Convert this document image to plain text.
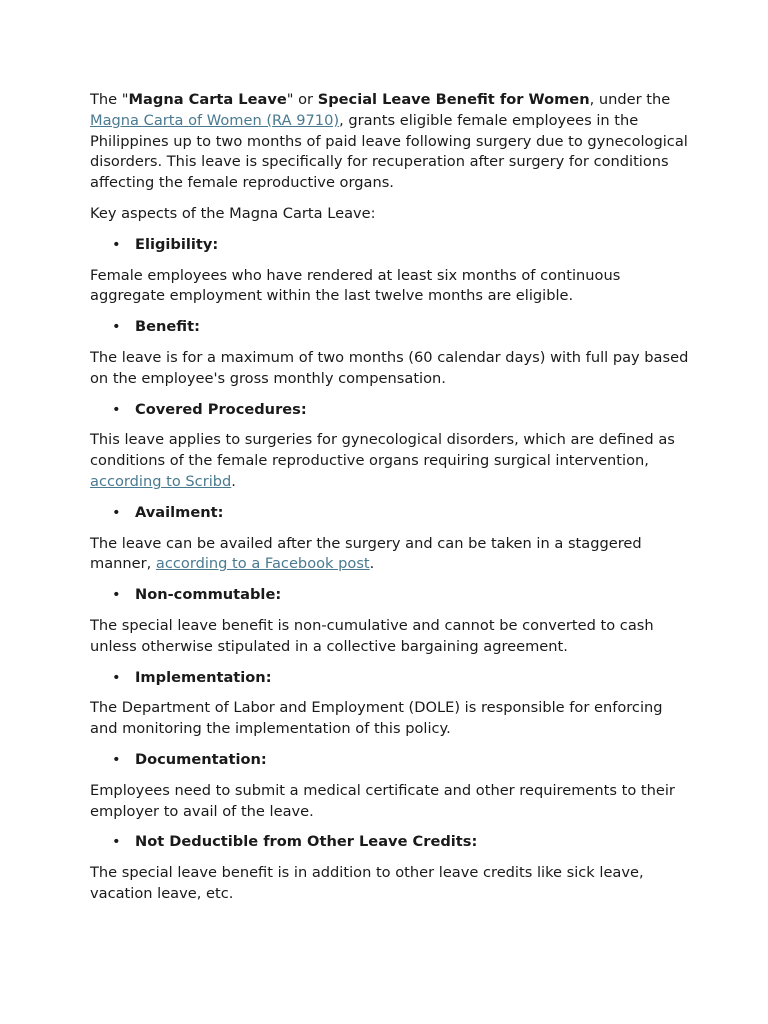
The "Magna Carta Leave" or Special Leave Benefit for Women, under the Magna Carta of Women (RA 9710), grants eligible female employees in the Philippines up to two months of paid leave following surgery due to gynecological disorders. This leave is specifically for recuperation after surgery for conditions affecting the female reproductive organs.

Key aspects of the Magna Carta Leave:

• Eligibility:

Female employees who have rendered at least six months of continuous aggregate employment within the last twelve months are eligible.

• Benefit:

The leave is for a maximum of two months (60 calendar days) with full pay based on the employee's gross monthly compensation.

• Covered Procedures:

This leave applies to surgeries for gynecological disorders, which are defined as conditions of the female reproductive organs requiring surgical intervention, according to Scribd.

• Availment:

The leave can be availed after the surgery and can be taken in a staggered manner, according to a Facebook post.

• Non-commutable:

The special leave benefit is non-cumulative and cannot be converted to cash unless otherwise stipulated in a collective bargaining agreement.

• Implementation:

The Department of Labor and Employment (DOLE) is responsible for enforcing and monitoring the implementation of this policy.

• Documentation:

Employees need to submit a medical certificate and other requirements to their employer to avail of the leave.

• Not Deductible from Other Leave Credits:

The special leave benefit is in addition to other leave credits like sick leave, vacation leave, etc.
